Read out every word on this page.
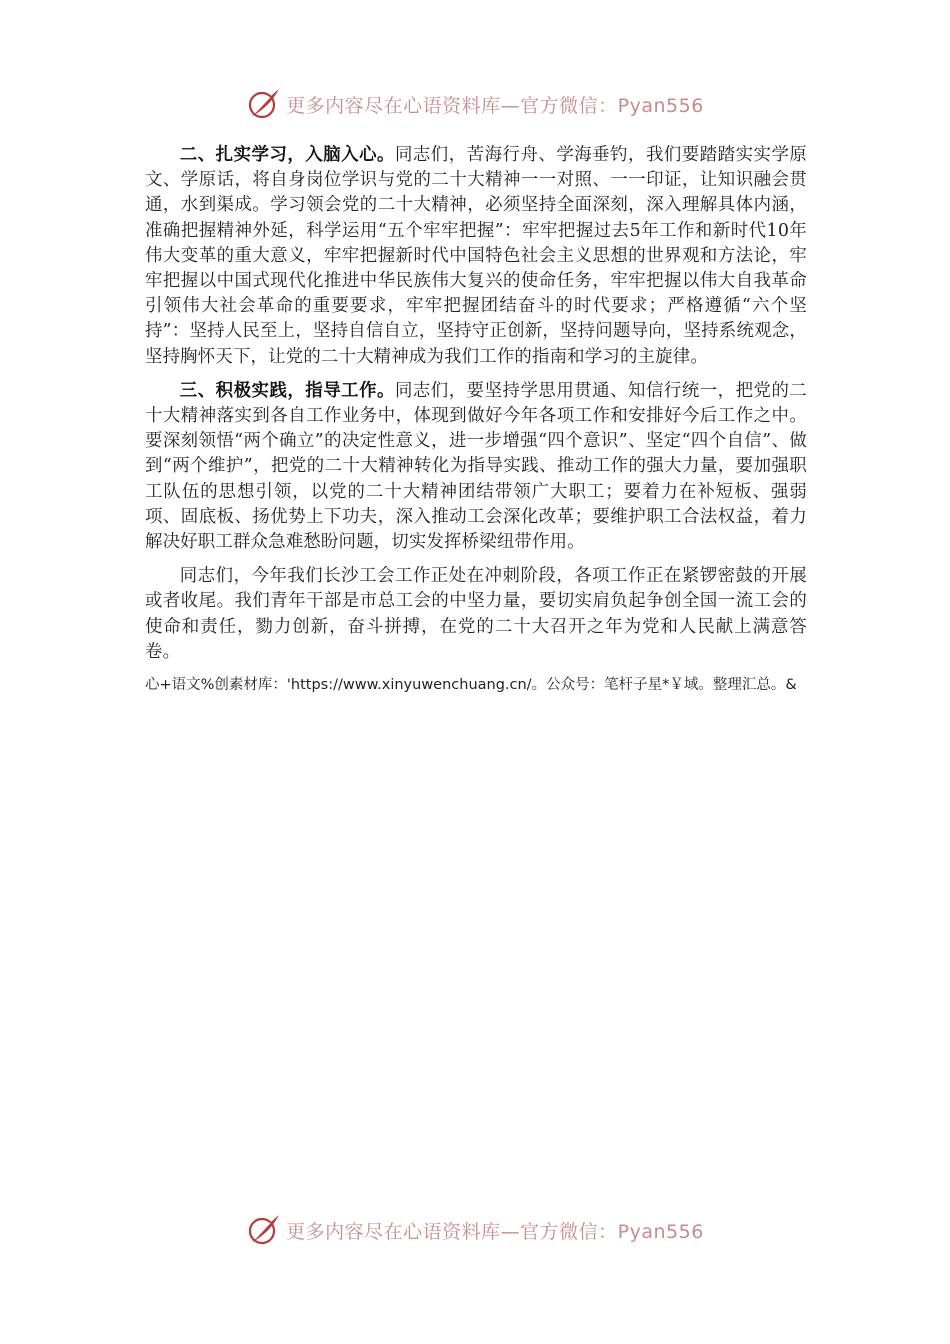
更多内容尽在心语资料库—官方微信：Pyan556

二、扎实学习，入脑入心。同志们，苦海行舟、学海垂钓，我们要踏踏实实学原文、学原话，将自身岗位学识与党的二十大精神一一对照、一一印证，让知识融会贯通，水到渠成。学习领会党的二十大精神，必须坚持全面深刻，深入理解具体内涵，准确把握精神外延，科学运用“五个牢牢把握”：牢牢把握过去5年工作和新时代10年伟大变革的重大意义，牢牢把握新时代中国特色社会主义思想的世界观和方法论，牢牢把握以中国式现代化推进中华民族伟大复兴的使命任务，牢牢把握以伟大自我革命引领伟大社会革命的重要要求，牢牢把握团结奋斗的时代要求；严格遵循“六个坚持”：坚持人民至上，坚持自信自立，坚持守正创新，坚持问题导向，坚持系统观念，坚持胸怀天下，让党的二十大精神成为我们工作的指南和学习的主旋律。

三、积极实践，指导工作。同志们，要坚持学思用贯通、知信行统一，把党的二十大精神落实到各自工作业务中，体现到做好今年各项工作和安排好今后工作之中。要深刻领悟“两个确立”的决定性意义，进一步增强“四个意识”、坚定“四个自信”、做到“两个维护”，把党的二十大精神转化为指导实践、推动工作的强大力量，要加强职工队伍的思想引领，以党的二十大精神团结带领广大职工；要着力在补短板、强弱项、固底板、扬优势上下功夫，深入推动工会深化改革；要维护职工合法权益，着力解决好职工群众急难愁盼问题，切实发挥桥梁纽带作用。

同志们，今年我们长沙工会工作正处在冲刺阶段，各项工作正在紧锣密鼓的开展或者收尾。我们青年干部是市总工会的中坚力量，要切实肩负起争创全国一流工会的使命和责任，勠力创新，奋斗拼搏，在党的二十大召开之年为党和人民献上满意答卷。

心+语文%创素材库：'https://www.xinyuwenchuang.cn/。公众号：笔杆子星*￥域。整理汇总。&

更多内容尽在心语资料库—官方微信：Pyan556
